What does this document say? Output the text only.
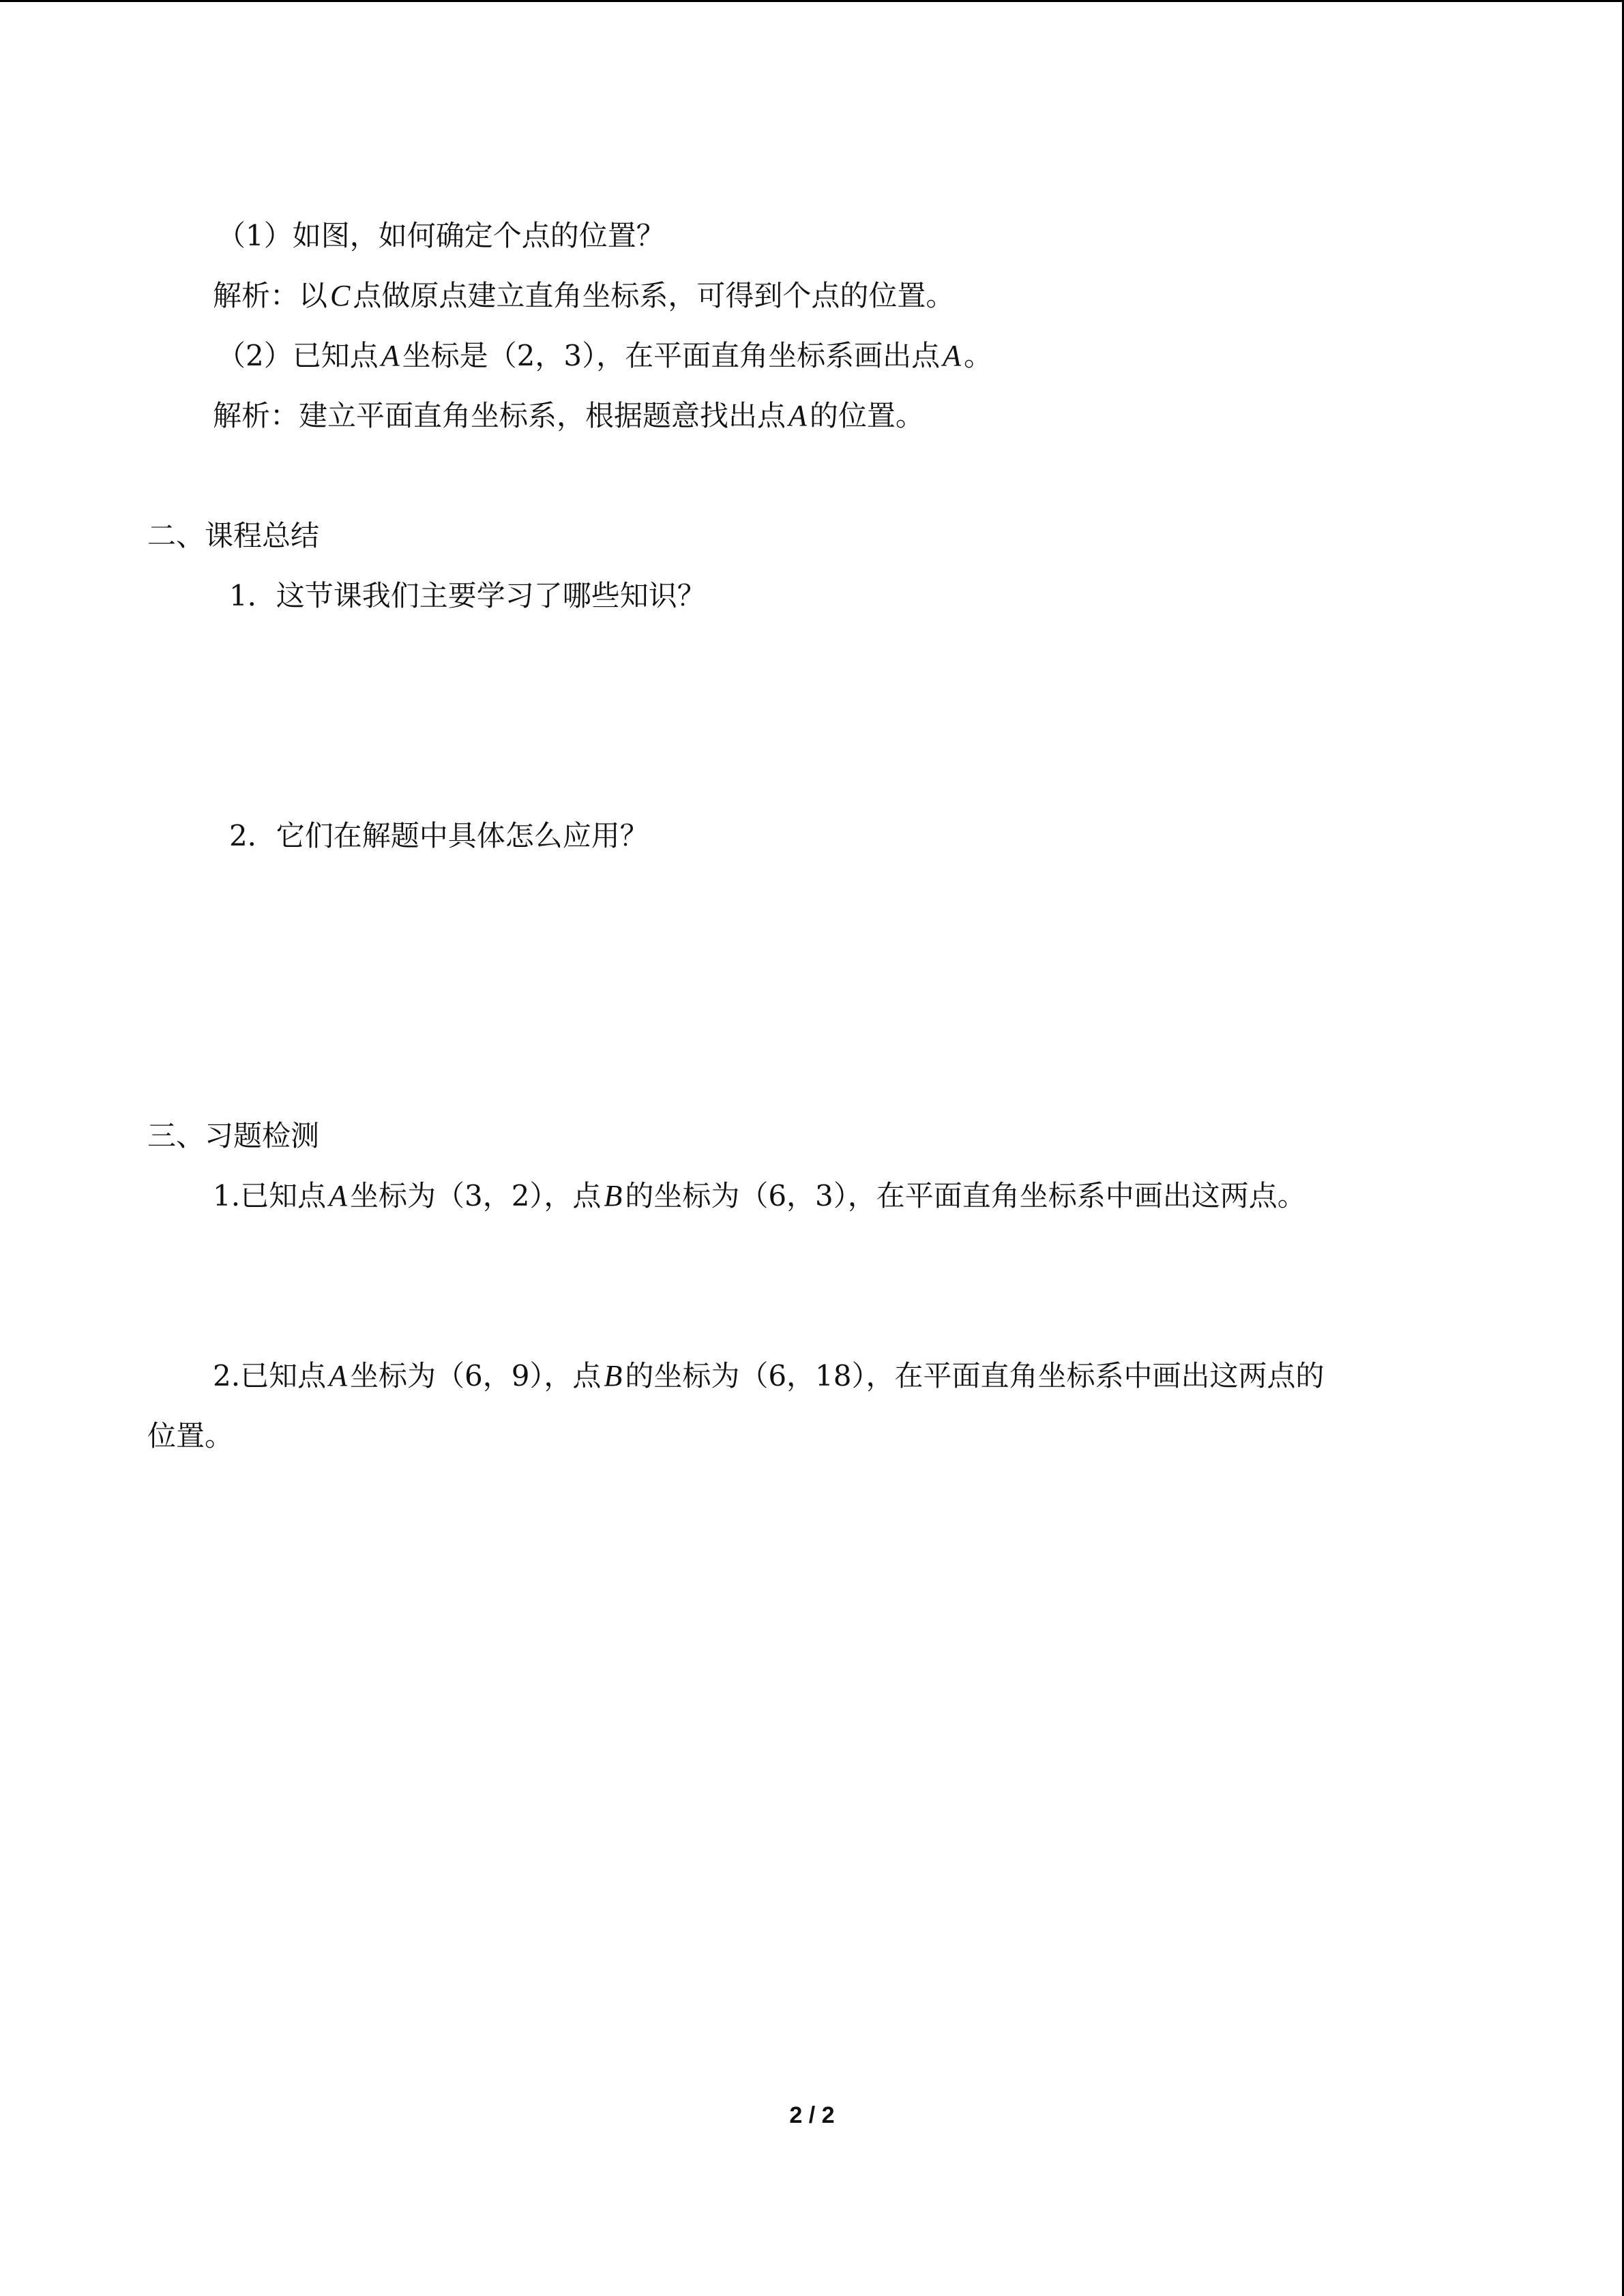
（1）如图，如何确定个点的位置？
解析：以C点做原点建立直角坐标系，可得到个点的位置。
（2）已知点A坐标是（2，3），在平面直角坐标系画出点A。
解析：建立平面直角坐标系，根据题意找出点A的位置。
二、课程总结
1．这节课我们主要学习了哪些知识？
2．它们在解题中具体怎么应用？
三、习题检测
1.已知点A坐标为（3，2），点B的坐标为（6，3），在平面直角坐标系中画出这两点。
2.已知点A坐标为（6，9），点B的坐标为（6，18），在平面直角坐标系中画出这两点的
位置。
2 / 2
